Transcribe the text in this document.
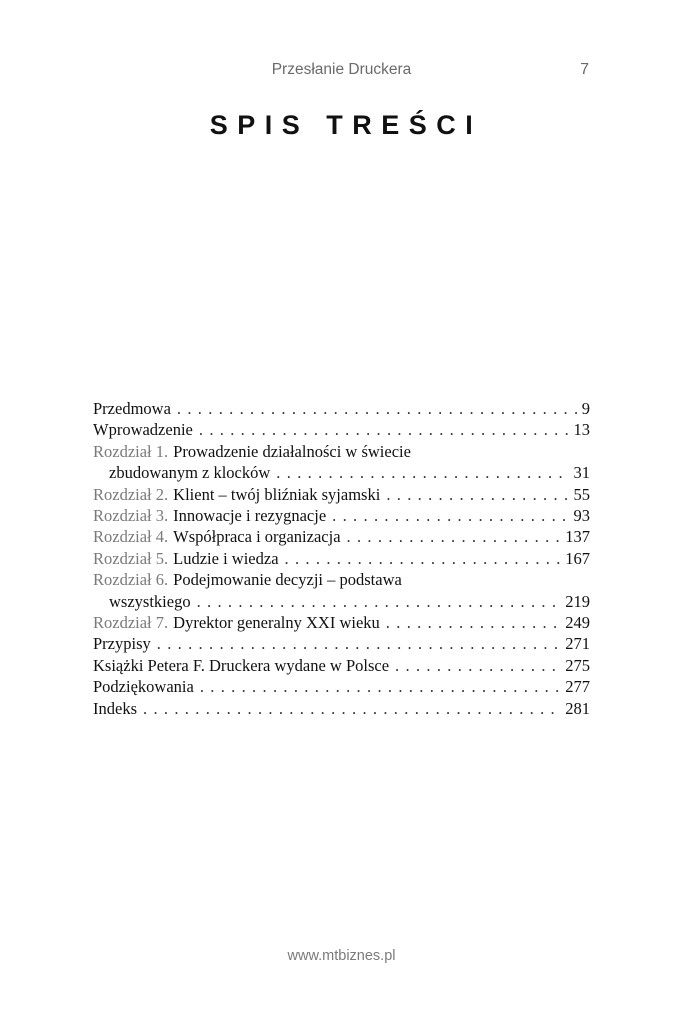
Przesłanie Druckera	7
SPIS TREŚCI
Przedmowa . . .	9
Wprowadzenie . . .	13
Rozdział 1. Prowadzenie działalności w świecie
zbudowanym z klocków . . .	31
Rozdział 2. Klient – twój bliźniak syjamski . . .	55
Rozdział 3. Innowacje i rezygnacje . . .	93
Rozdział 4. Współpraca i organizacja . . .	137
Rozdział 5. Ludzie i wiedza . . .	167
Rozdział 6. Podejmowanie decyzji – podstawa
wszystkiego . . .	219
Rozdział 7. Dyrektor generalny XXI wieku . . .	249
Przypisy . . .	271
Książki Petera F. Druckera wydane w Polsce . . .	275
Podziękowania . . .	277
Indeks . . .	281
www.mtbiznes.pl
